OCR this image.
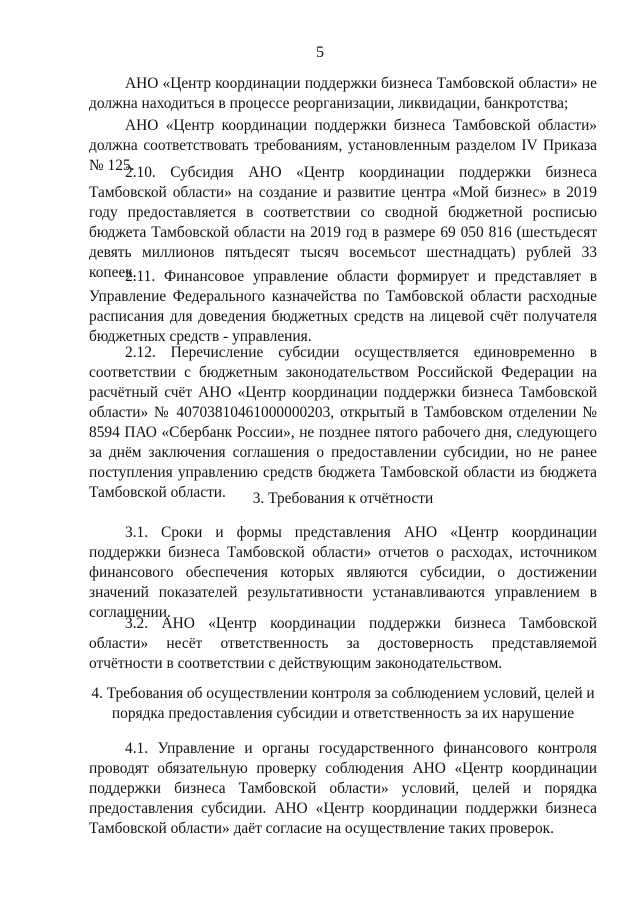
5

АНО «Центр координации поддержки бизнеса Тамбовской области» не должна находиться в процессе реорганизации, ликвидации, банкротства;

АНО «Центр координации поддержки бизнеса Тамбовской области» должна соответствовать требованиям, установленным разделом IV Приказа № 125.

2.10. Субсидия АНО «Центр координации поддержки бизнеса Тамбовской области» на создание и развитие центра «Мой бизнес» в 2019 году предоставляется в соответствии со сводной бюджетной росписью бюджета Тамбовской области на 2019 год в размере 69 050 816 (шестьдесят девять миллионов пятьдесят тысяч восемьсот шестнадцать) рублей 33 копеек.

2.11. Финансовое управление области формирует и представляет в Управление Федерального казначейства по Тамбовской области расходные расписания для доведения бюджетных средств на лицевой счёт получателя бюджетных средств - управления.

2.12. Перечисление субсидии осуществляется единовременно в соответствии с бюджетным законодательством Российской Федерации на расчётный счёт АНО «Центр координации поддержки бизнеса Тамбовской области» № 40703810461000000203, открытый в Тамбовском отделении № 8594 ПАО «Сбербанк России», не позднее пятого рабочего дня, следующего за днём заключения соглашения о предоставлении субсидии, но не ранее поступления управлению средств бюджета Тамбовской области из бюджета Тамбовской области.	3. Требования к отчётности

3.1. Сроки и формы представления АНО «Центр координации поддержки бизнеса Тамбовской области» отчетов о расходах, источником финансового обеспечения которых являются субсидии, о достижении значений показателей результативности устанавливаются управлением в соглашении.

3.2. АНО «Центр координации поддержки бизнеса Тамбовской области» несёт ответственность за достоверность представляемой отчётности в соответствии с действующим законодательством.

4. Требования об осуществлении контроля за соблюдением условий, целей и порядка предоставления субсидии и ответственность за их нарушение

4.1. Управление и органы государственного финансового контроля проводят обязательную проверку соблюдения АНО «Центр координации поддержки бизнеса Тамбовской области» условий, целей и порядка предоставления субсидии. АНО «Центр координации поддержки бизнеса Тамбовской области» даёт согласие на осуществление таких проверок.
